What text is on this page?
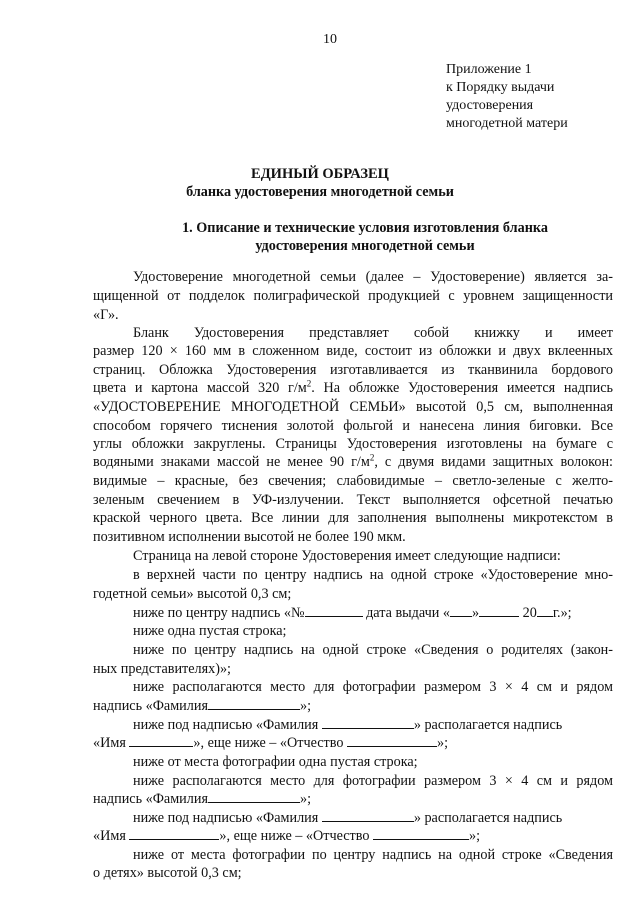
10
Приложение 1
к Порядку выдачи
удостоверения
многодетной матери
ЕДИНЫЙ ОБРАЗЕЦ
бланка удостоверения многодетной семьи
1. Описание и технические условия изготовления бланка
удостоверения многодетной семьи
Удостоверение многодетной семьи (далее – Удостоверение) является за-
щищенной от подделок полиграфической продукцией с уровнем защищенности
«Г».
Бланк Удостоверения представляет собой книжку и имеет
размер 120 × 160 мм в сложенном виде, состоит из обложки и двух вклеенных
страниц. Обложка Удостоверения изготавливается из тканвинила бордового
цвета и картона массой 320 $г/м^2$. На обложке Удостоверения имеется надпись
«УДОСТОВЕРЕНИЕ МНОГОДЕТНОЙ СЕМЬИ» высотой 0,5 см, выполненная
способом горячего тиснения золотой фольгой и нанесена линия биговки. Все
углы обложки закруглены. Страницы Удостоверения изготовлены на бумаге с
водяными знаками массой не менее 90 $г/м^2$, с двумя видами защитных волокон:
видимые – красные, без свечения; слабовидимые – светло-зеленые с желто-
зеленым свечением в УФ-излучении. Текст выполняется офсетной печатью
краской черного цвета. Все линии для заполнения выполнены микротекстом в
позитивном исполнении высотой не более 190 мкм.
Страница на левой стороне Удостоверения имеет следующие надписи:
в верхней части по центру надпись на одной строке «Удостоверение мно-
годетной семьи» высотой 0,3 см;
ниже по центру надпись «№	дата выдачи « »	20 г.»;
ниже одна пустая строка;
ниже по центру надпись на одной строке «Сведения о родителях (закон-
ных представителях)»;
ниже располагаются место для фотографии размером 3 × 4 см и рядом
надпись «Фамилия	»;
ниже под надписью «Фамилия	» располагается надпись
«Имя	», еще ниже – «Отчество	»;
ниже от места фотографии одна пустая строка;
ниже располагаются место для фотографии размером 3 × 4 см и рядом
надпись «Фамилия	»;
ниже под надписью «Фамилия	» располагается надпись
«Имя	», еще ниже – «Отчество	»;
ниже от места фотографии по центру надпись на одной строке «Сведения
о детях» высотой 0,3 см;
